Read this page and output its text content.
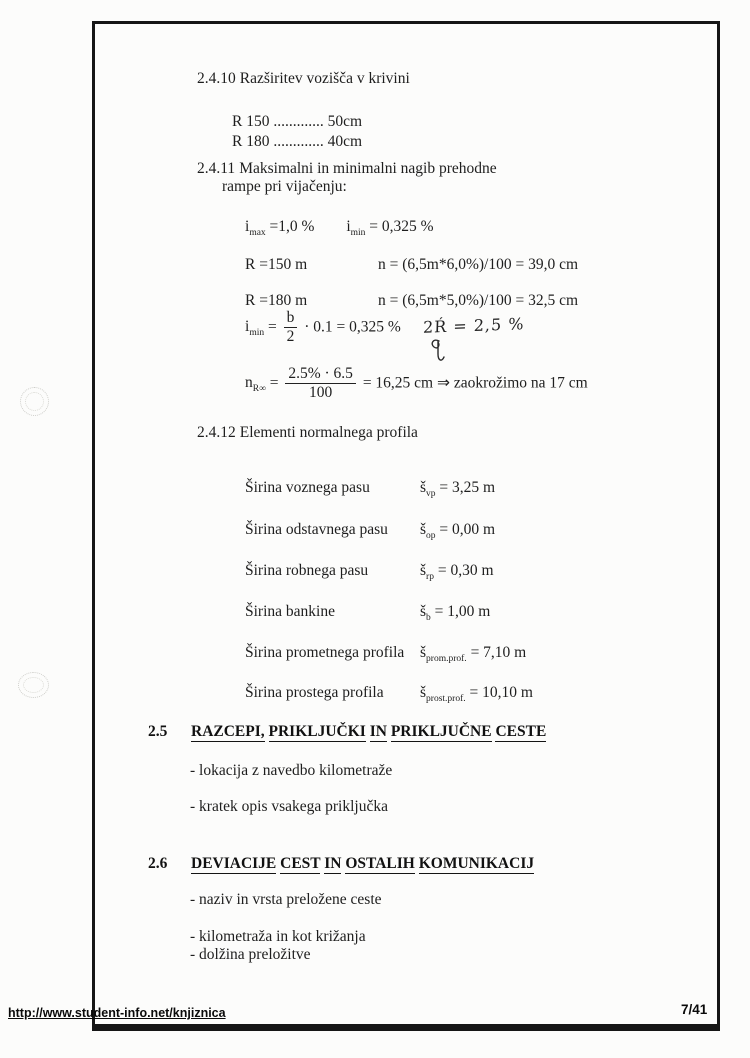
2.4.10 Razširitev vozišča v krivini
R 150 ............. 50cm
R 180 ............. 40cm
2.4.11 Maksimalni in minimalni nagib prehodne
rampe pri vijačenju:
$i_{max} =1,0$ % $i_{min} = 0,325$ %
R =150 m	n = (6,5m*6,0%)/100 = 39,0 cm
R =180 m	n = (6,5m*5,0%)/100 = 32,5 cm
$i_{min} = \frac{b}{2} \cdot 0.1 = 0,325$ % 2Ŕ = 2,5 %
$n_{R\infty} = \frac{2.5\% \cdot 6.5}{100} = 16,25$ cm ⇒ zaokrožimo na 17 cm
2.4.12 Elementi normalnega profila
Širina voznega pasu	$š_{vp} = 3,25$ m
Širina odstavnega pasu $š_{op} = 0,00$ m
Širina robnega pasu	$š_{rp} = 0,30$ m
Širina bankine	$š_b = 1,00$ m
Širina prometnega profila $š_{prom.prof.} = 7,10$ m
Širina prostega profila $š_{prost.prof.} = 10,10$ m
2.5 RAZCEPI, PRIKLJUČKI IN PRIKLJUČNE CESTE
- lokacija z navedbo kilometraže
- kratek opis vsakega priključka
2.6 DEVIACIJE CEST IN OSTALIH KOMUNIKACIJ
- naziv in vrsta preložene ceste
- kilometraža in kot križanja
- dolžina preložitve
http://www.student-info.net/knjiznica	7/41
